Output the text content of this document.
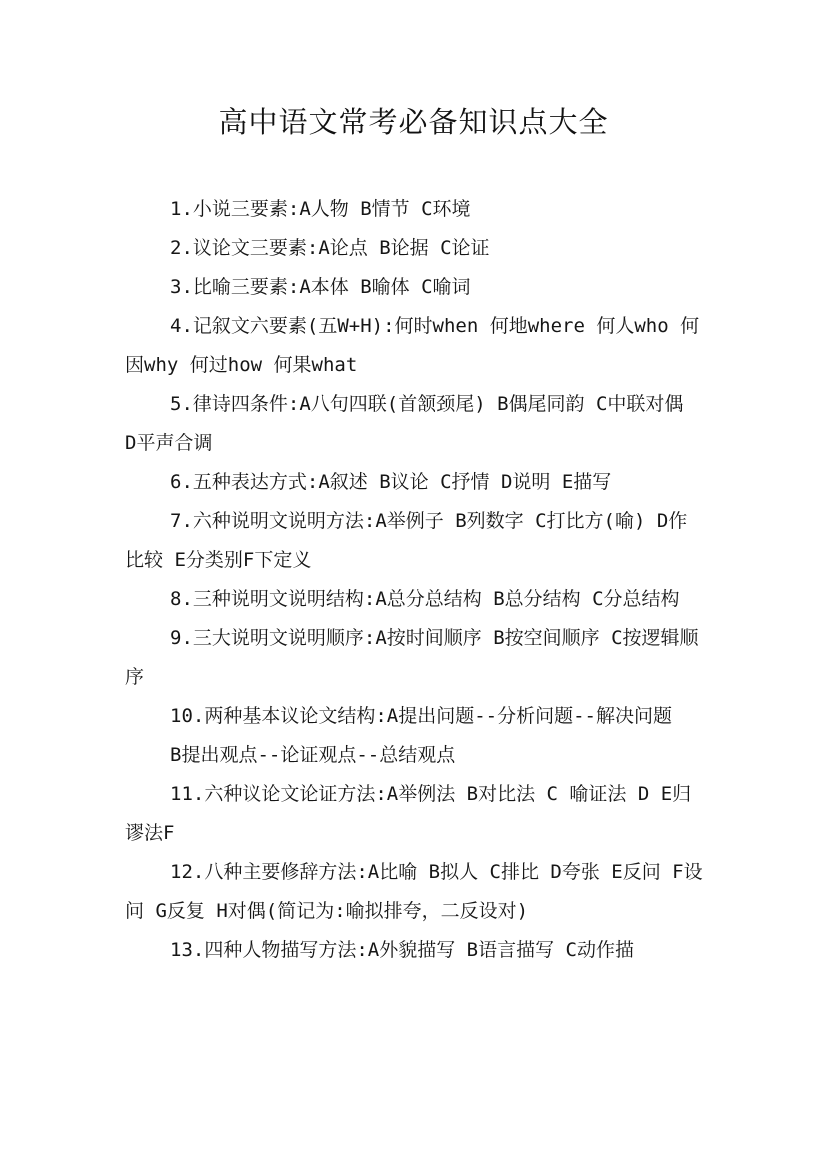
高中语文常考必备知识点大全

1.小说三要素:A人物 B情节 C环境

2.议论文三要素:A论点 B论据 C论证

3.比喻三要素:A本体 B喻体 C喻词

4.记叙文六要素(五W+H):何时when 何地where 何人who 何因why 何过how 何果what

5.律诗四条件:A八句四联(首颔颈尾) B偶尾同韵 C中联对偶 D平声合调

6.五种表达方式:A叙述 B议论 C抒情 D说明 E描写

7.六种说明文说明方法:A举例子 B列数字 C打比方(喻) D作比较 E分类别F下定义

8.三种说明文说明结构:A总分总结构 B总分结构 C分总结构

9.三大说明文说明顺序:A按时间顺序 B按空间顺序 C按逻辑顺序

10.两种基本议论文结构:A提出问题--分析问题--解决问题

B提出观点--论证观点--总结观点

11.六种议论文论证方法:A举例法 B对比法 C 喻证法 D E归谬法F

12.八种主要修辞方法:A比喻 B拟人 C排比 D夸张 E反问 F设问 G反复 H对偶(简记为:喻拟排夸，二反设对)

13.四种人物描写方法:A外貌描写 B语言描写 C动作描
